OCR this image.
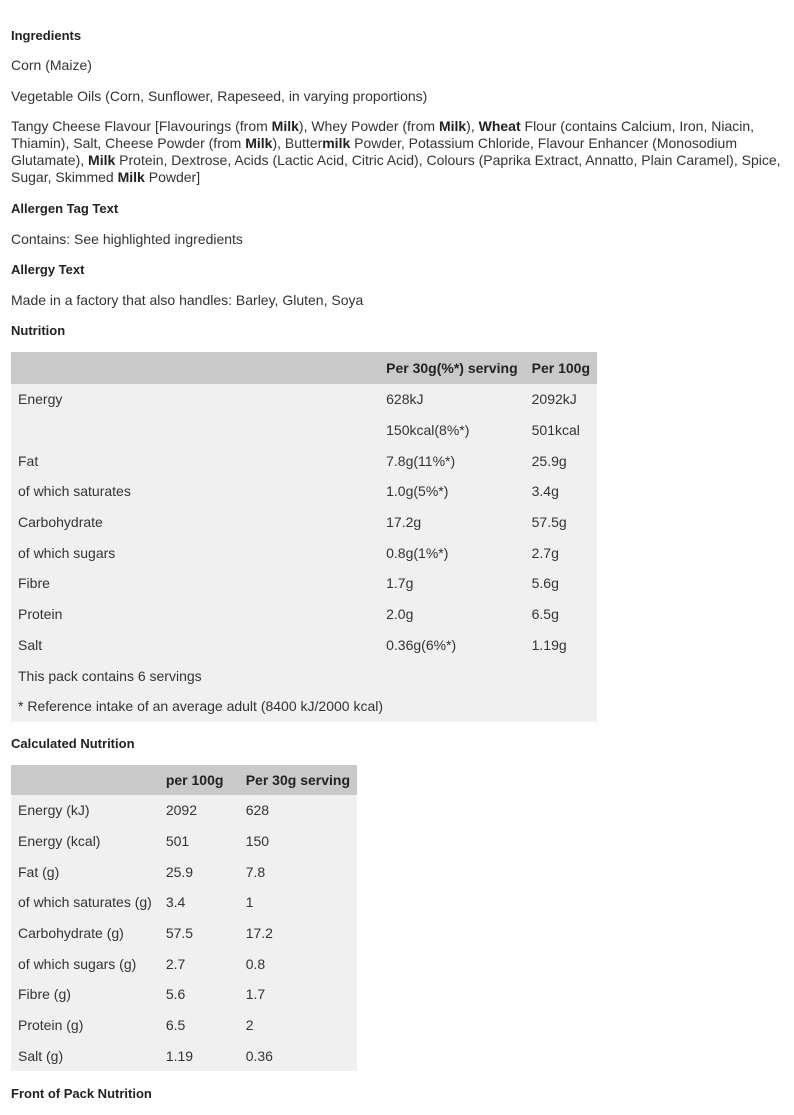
Ingredients
Corn (Maize)
Vegetable Oils (Corn, Sunflower, Rapeseed, in varying proportions)
Tangy Cheese Flavour [Flavourings (from Milk), Whey Powder (from Milk), Wheat Flour (contains Calcium, Iron, Niacin, Thiamin), Salt, Cheese Powder (from Milk), Buttermilk Powder, Potassium Chloride, Flavour Enhancer (Monosodium Glutamate), Milk Protein, Dextrose, Acids (Lactic Acid, Citric Acid), Colours (Paprika Extract, Annatto, Plain Caramel), Spice, Sugar, Skimmed Milk Powder]
Allergen Tag Text
Contains: See highlighted ingredients
Allergy Text
Made in a factory that also handles: Barley, Gluten, Soya
Nutrition
	Per 30g(%*) serving	Per 100g
Energy	628kJ	2092kJ
	150kcal(8%*)	501kcal
Fat	7.8g(11%*)	25.9g
of which saturates	1.0g(5%*)	3.4g
Carbohydrate	17.2g	57.5g
of which sugars	0.8g(1%*)	2.7g
Fibre	1.7g	5.6g
Protein	2.0g	6.5g
Salt	0.36g(6%*)	1.19g
This pack contains 6 servings		
* Reference intake of an average adult (8400 kJ/2000 kcal)		
Calculated Nutrition
	per 100g	Per 30g serving
Energy (kJ)	2092	628
Energy (kcal)	501	150
Fat (g)	25.9	7.8
of which saturates (g)	3.4	1
Carbohydrate (g)	57.5	17.2
of which sugars (g)	2.7	0.8
Fibre (g)	5.6	1.7
Protein (g)	6.5	2
Salt (g)	1.19	0.36
Front of Pack Nutrition
